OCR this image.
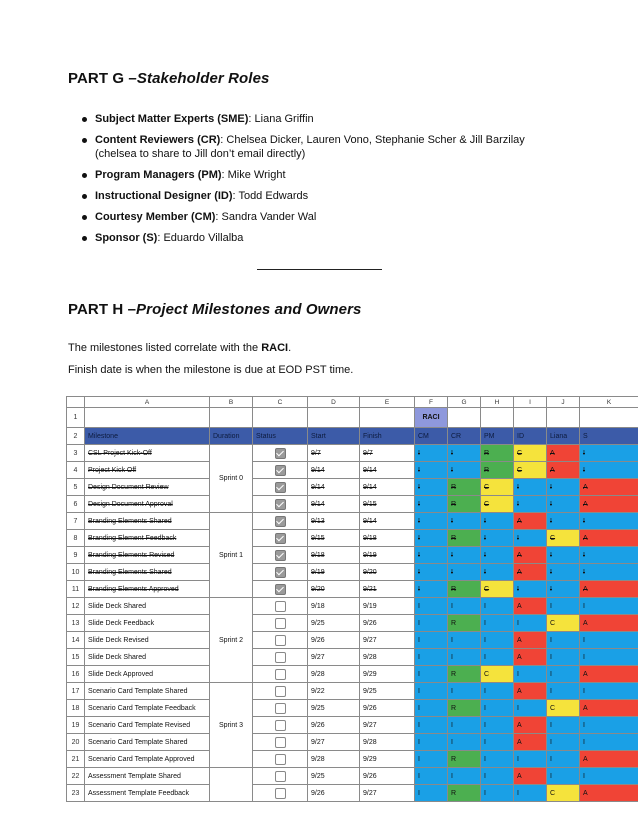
PART G –Stakeholder Roles
Subject Matter Experts (SME): Liana Griffin
Content Reviewers (CR): Chelsea Dicker, Lauren Vono, Stephanie Scher & Jill Barzilay (chelsea to share to Jill don’t email directly)
Program Managers (PM): Mike Wright
Instructional Designer (ID): Todd Edwards
Courtesy Member (CM): Sandra Vander Wal
Sponsor (S): Eduardo Villalba
PART H –Project Milestones and Owners
The milestones listed correlate with the RACI.
Finish date is when the milestone is due at EOD PST time.
	A	B	C	D	E	F	G	H	I	J	K
1						RACI					
2	Milestone	Duration	Status	Start	Finish	CM	CR	PM	ID	Liana	S
3	CSL Project Kick-Off	Sprint 0		9/7	9/7	I	I	R	C	A	I
4	Project Kick Off			9/14	9/14	I	I	R	C	A	I
5	Design Document Review			9/14	9/14	I	R	C	I	I	A
6	Design Document Approval			9/14	9/15	I	R	C	I	I	A
7	Branding Elements Shared	Sprint 1		9/13	9/14	I	I	I	A	I	I
8	Branding Element Feedback			9/15	9/18	I	R	I	I	C	A
9	Branding Elements Revised			9/18	9/19	I	I	I	A	I	I
10	Branding Elements Shared			9/19	9/20	I	I	I	A	I	I
11	Branding Elements Approved			9/20	9/21	I	R	C	I	I	A
12	Slide Deck Shared	Sprint 2		9/18	9/19	I	I	I	A	I	I
13	Slide Deck Feedback			9/25	9/26	I	R	I	I	C	A
14	Slide Deck Revised			9/26	9/27	I	I	I	A	I	I
15	Slide Deck Shared			9/27	9/28	I	I	I	A	I	I
16	Slide Deck Approved			9/28	9/29	I	R	C	I	I	A
17	Scenario Card Template Shared	Sprint 3		9/22	9/25	I	I	I	A	I	I
18	Scenario Card Template Feedback			9/25	9/26	I	R	I	I	C	A
19	Scenario Card Template Revised			9/26	9/27	I	I	I	A	I	I
20	Scenario Card Template Shared			9/27	9/28	I	I	I	A	I	I
21	Scenario Card Template Approved			9/28	9/29	I	R	I	I	I	A
22	Assessment Template Shared			9/25	9/26	I	I	I	A	I	I
23	Assessment Template Feedback			9/26	9/27	I	R	I	I	C	A
